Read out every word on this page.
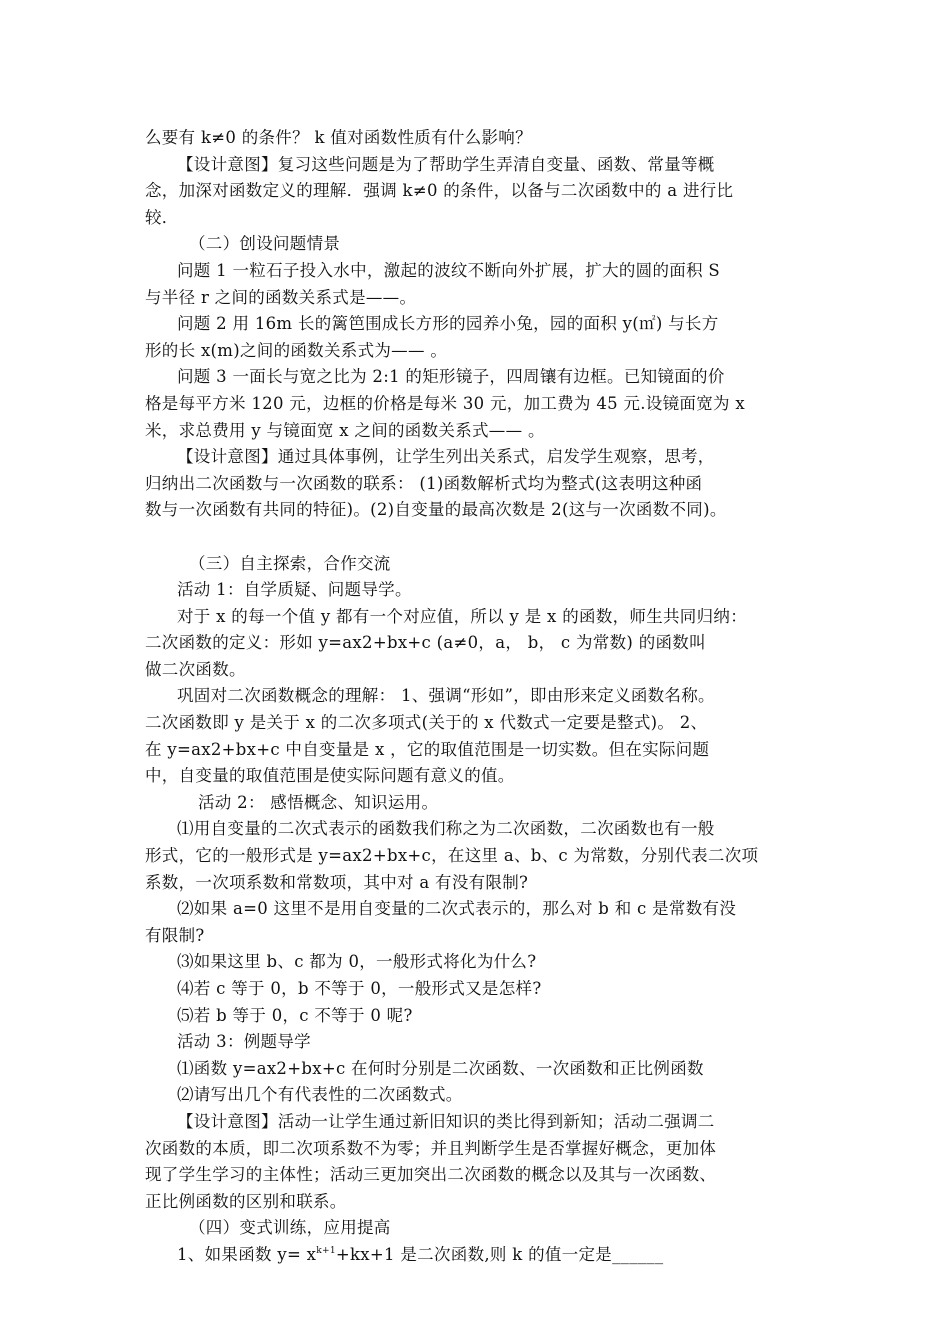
么要有 k≠0 的条件？ k 值对函数性质有什么影响？
【设计意图】复习这些问题是为了帮助学生弄清自变量、函数、常量等概
念，加深对函数定义的理解．强调 k≠0 的条件，以备与二次函数中的 a 进行比
较．
（二）创设问题情景
问题 1 一粒石子投入水中，激起的波纹不断向外扩展，扩大的圆的面积 S
与半径 r 之间的函数关系式是——。
问题 2 用 16m 长的篱笆围成长方形的园养小兔，园的面积 y(㎡) 与长方
形的长 x(m)之间的函数关系式为—— 。
问题 3 一面长与宽之比为 2:1 的矩形镜子，四周镶有边框。已知镜面的价
格是每平方米 120 元，边框的价格是每米 30 元，加工费为 45 元.设镜面宽为 x
米，求总费用 y 与镜面宽 x 之间的函数关系式—— 。
【设计意图】通过具体事例，让学生列出关系式，启发学生观察，思考，
归纳出二次函数与一次函数的联系： (1)函数解析式均为整式(这表明这种函
数与一次函数有共同的特征)。(2)自变量的最高次数是 2(这与一次函数不同)。
（三）自主探索，合作交流
活动 1：自学质疑、问题导学。
对于 x 的每一个值 y 都有一个对应值，所以 y 是 x 的函数，师生共同归纳：
二次函数的定义：形如 y=ax2+bx+c (a≠0，a， b， c 为常数) 的函数叫
做二次函数。
巩固对二次函数概念的理解： 1、强调“形如”，即由形来定义函数名称。
二次函数即 y 是关于 x 的二次多项式(关于的 x 代数式一定要是整式)。 2、
在 y=ax2+bx+c 中自变量是 x ，它的取值范围是一切实数。但在实际问题
中，自变量的取值范围是使实际问题有意义的值。
活动 2： 感悟概念、知识运用。
⑴用自变量的二次式表示的函数我们称之为二次函数，二次函数也有一般
形式，它的一般形式是 y=ax2+bx+c，在这里 a、b、c 为常数，分别代表二次项
系数，一次项系数和常数项，其中对 a 有没有限制?
⑵如果 a=0 这里不是用自变量的二次式表示的，那么对 b 和 c 是常数有没
有限制?
⑶如果这里 b、c 都为 0，一般形式将化为什么?
⑷若 c 等于 0，b 不等于 0，一般形式又是怎样?
⑸若 b 等于 0，c 不等于 0 呢?
活动 3：例题导学
⑴函数 y=ax2+bx+c 在何时分别是二次函数、一次函数和正比例函数
⑵请写出几个有代表性的二次函数式。
【设计意图】活动一让学生通过新旧知识的类比得到新知；活动二强调二
次函数的本质，即二次项系数不为零；并且判断学生是否掌握好概念，更加体
现了学生学习的主体性；活动三更加突出二次函数的概念以及其与一次函数、
正比例函数的区别和联系。
（四）变式训练，应用提高
1、如果函数 $y= x^{k+1}+kx+1$ 是二次函数,则 k 的值一定是______
